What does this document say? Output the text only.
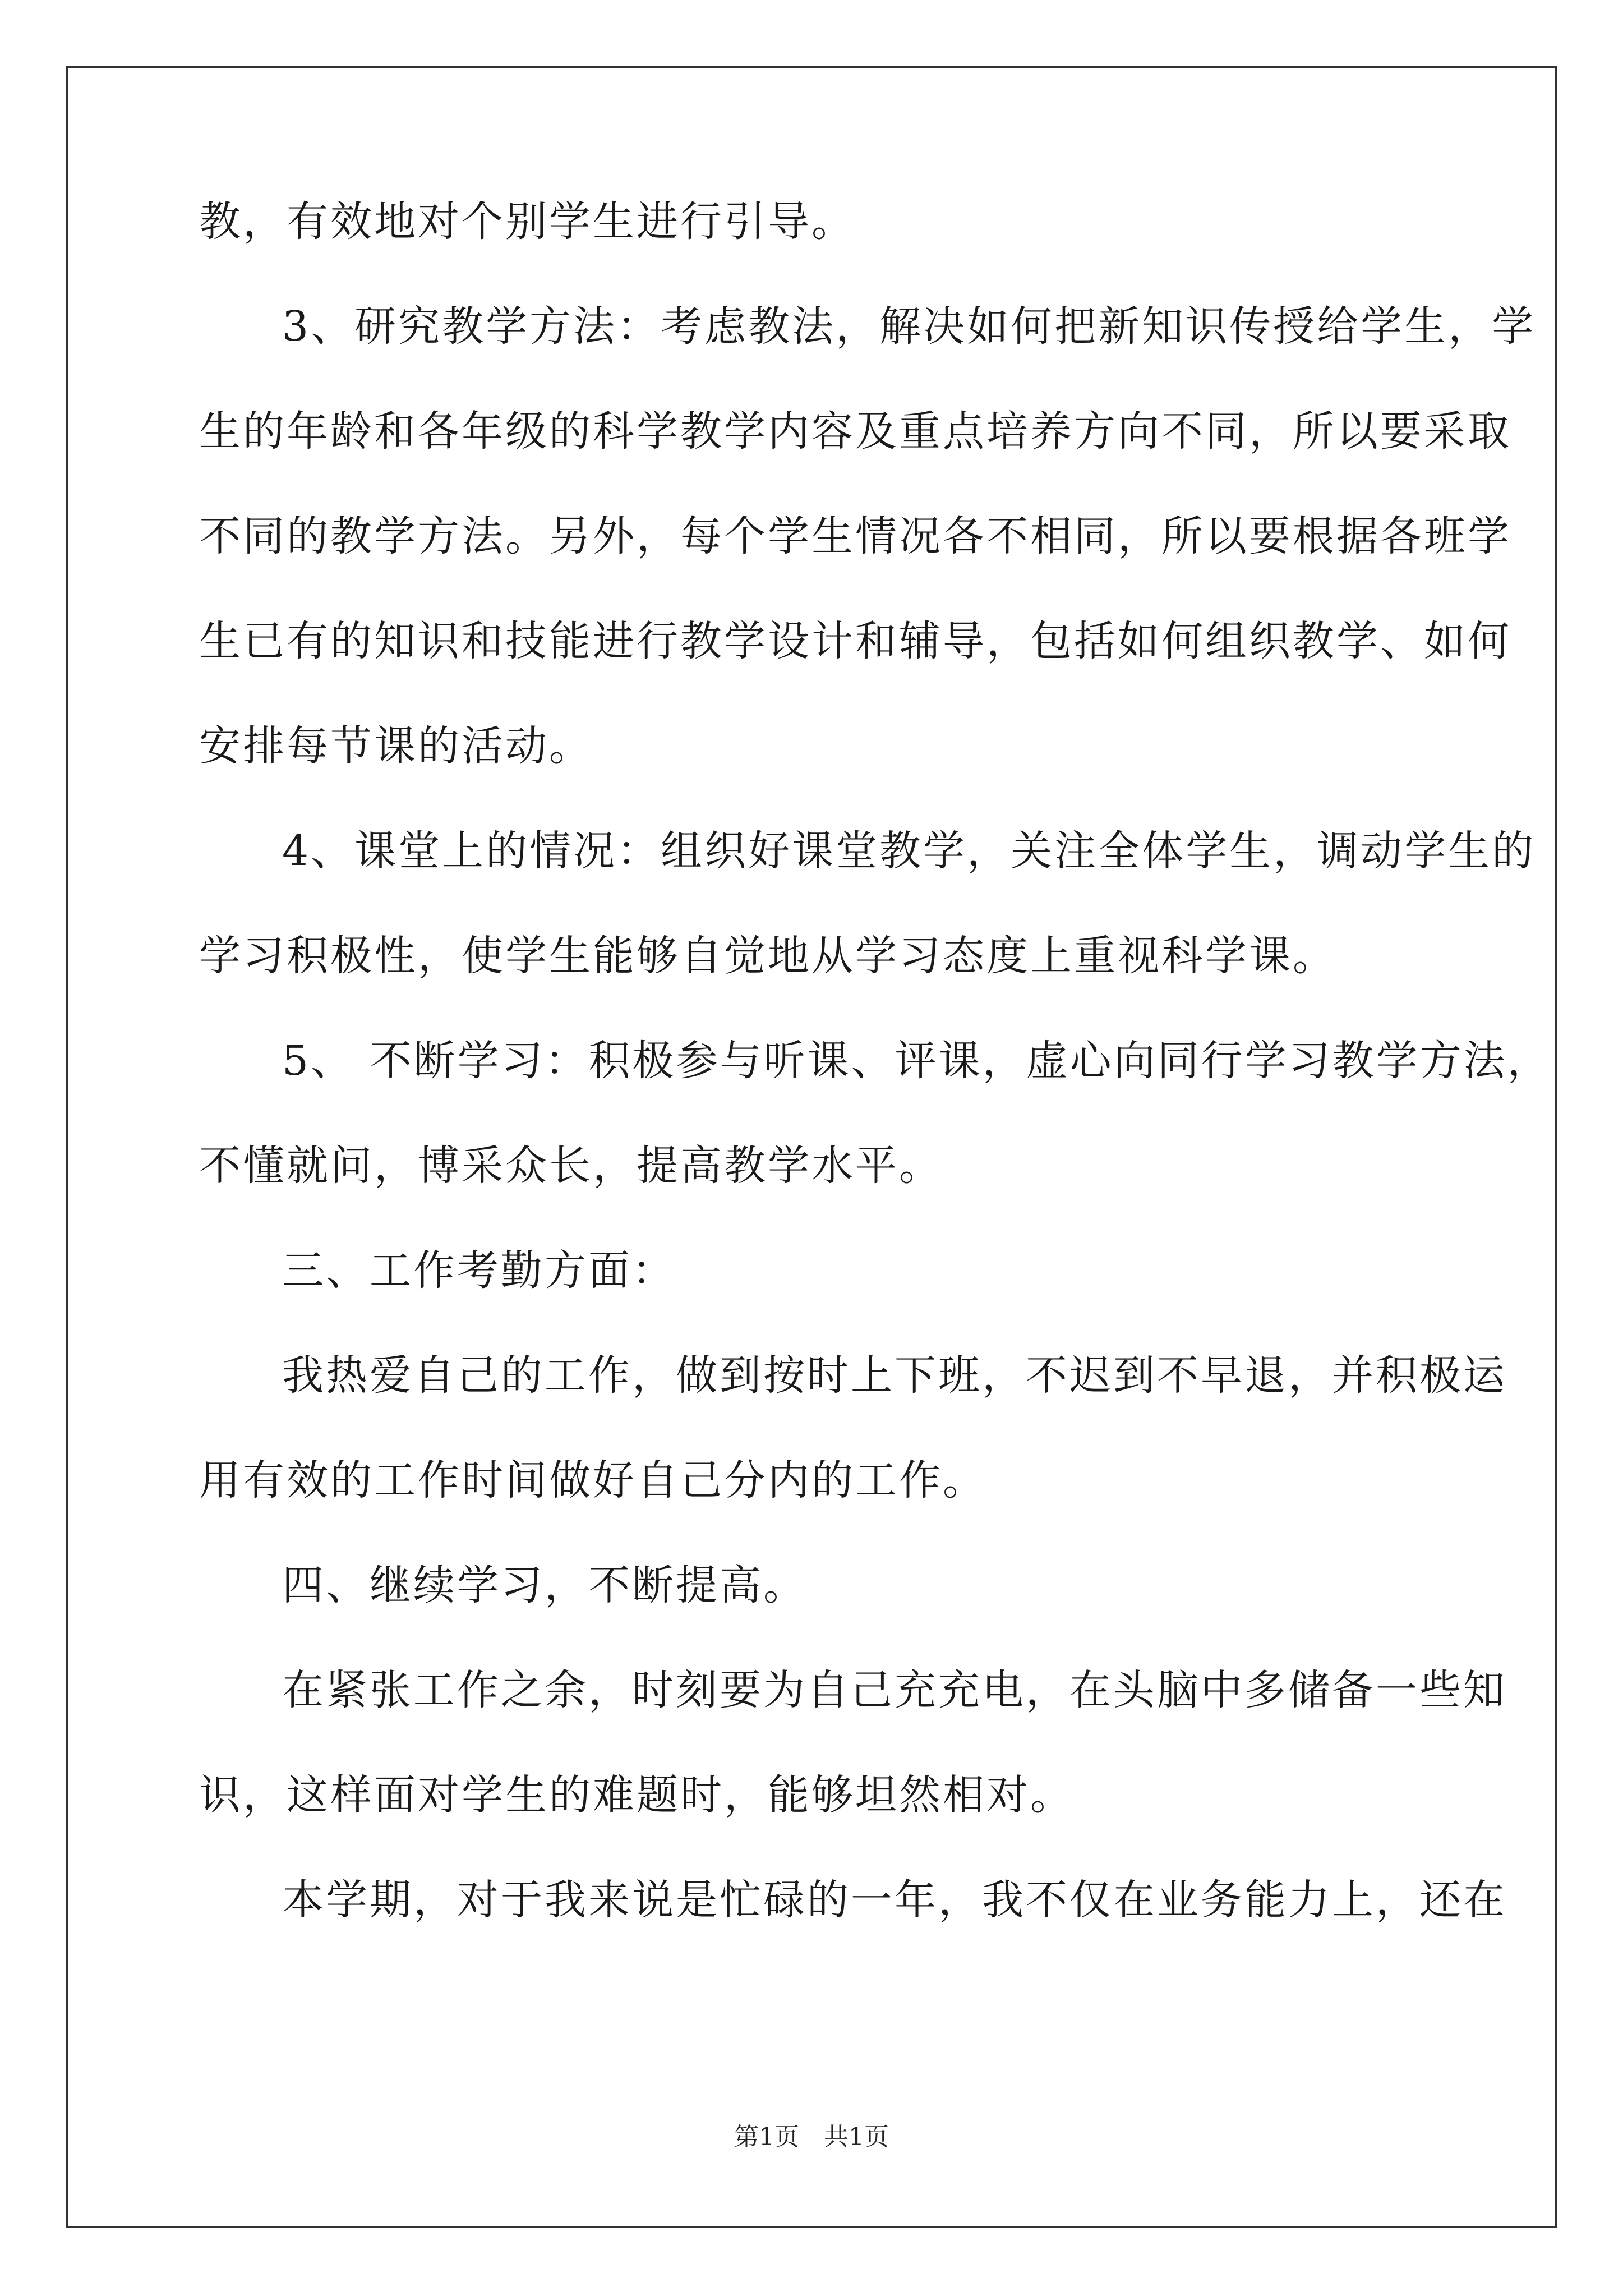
教，有效地对个别学生进行引导。
3、研究教学方法：考虑教法，解决如何把新知识传授给学生，学
生的年龄和各年级的科学教学内容及重点培养方向不同，所以要采取
不同的教学方法。另外，每个学生情况各不相同，所以要根据各班学
生已有的知识和技能进行教学设计和辅导，包括如何组织教学、如何
安排每节课的活动。
4、课堂上的情况：组织好课堂教学，关注全体学生，调动学生的
学习积极性，使学生能够自觉地从学习态度上重视科学课。
5、 不断学习：积极参与听课、评课，虚心向同行学习教学方法，
不懂就问，博采众长，提高教学水平。
三、工作考勤方面：
我热爱自己的工作，做到按时上下班，不迟到不早退，并积极运
用有效的工作时间做好自己分内的工作。
四、继续学习，不断提高。
在紧张工作之余，时刻要为自己充充电，在头脑中多储备一些知
识，这样面对学生的难题时，能够坦然相对。
本学期，对于我来说是忙碌的一年，我不仅在业务能力上，还在
第1页　共1页
